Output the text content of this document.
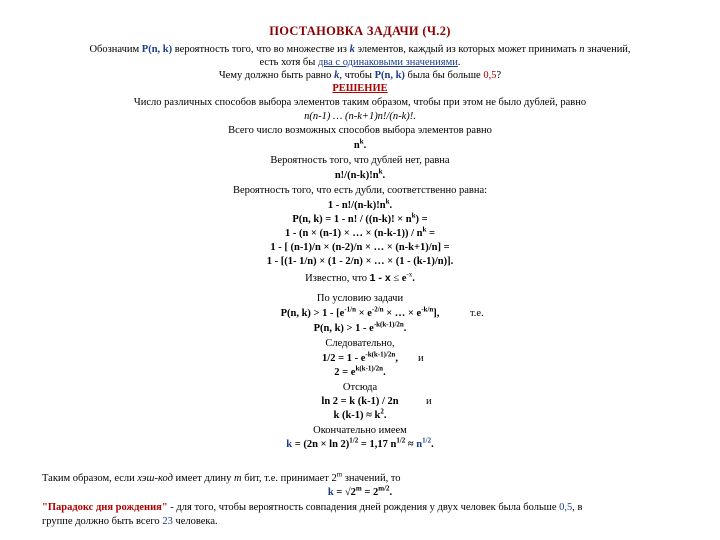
ПОСТАНОВКА ЗАДАЧИ (Ч.2)
Обозначим P(n, k) вероятность того, что во множестве из k элементов, каждый из которых может принимать n значений,
есть хотя бы два с одинаковыми значениями.
Чему должно быть равно k, чтобы P(n, k) была бы больше 0,5?
РЕШЕНИЕ
Число различных способов выбора элементов таким образом, чтобы при этом не было дублей, равно
n(n-1) … (n-k+1)n!/(n-k)!.
Всего число возможных способов выбора элементов равно
$n^k$.
Вероятность того, что дублей нет, равна
$n!/(n-k)!n^k$.
Вероятность того, что есть дубли, соответственно равна:
$1 - n!/(n-k)!n^k$.
P(n, k) = 1 - n! / ((n-k)! × $n^k$) =
1 - (n × (n-1) × … × $(n-k-1)) / n^k$ =
1 - [ (n-1)/n × (n-2)/n × … × (n-k+1)/n] =
1 - [(1- 1/n) × (1 - 2/n) × … × (1 - (k-1)/n)].
Известно, что $1 - x \le e^{-x}$.
По условию задачи
P(n, $k) > 1 - [e^{-1/n} \times e^{-2/n}$ × … × $e^{-k/n}$],	т.е.
P(n, $k) > 1 - e^{-k(k-1)/2n}$.
Следовательно,
$1/2 = 1 - e^{-k(k-1)/2n}$,	и
$2 = e^{k(k-1)/2n}$.
Отсюда
ln 2 = k (k-1) / 2n	и
k $(k-1) \approx k^2$.
Окончательно имеем
$k = (2n \times \ln 2)^{1/2} = 1,17$ $n^{1/2} \approx n^{1/2}$.
Таким образом, если хэш-код имеет длину m бит, т.е. принимает 2$^m$ значений, то
$k = √2^m = 2^{m/2}$.
"Парадокс дня рождения" - для того, чтобы вероятность совпадения дней рождения у двух человек была больше 0,5, в
группе должно быть всего 23 человека.
